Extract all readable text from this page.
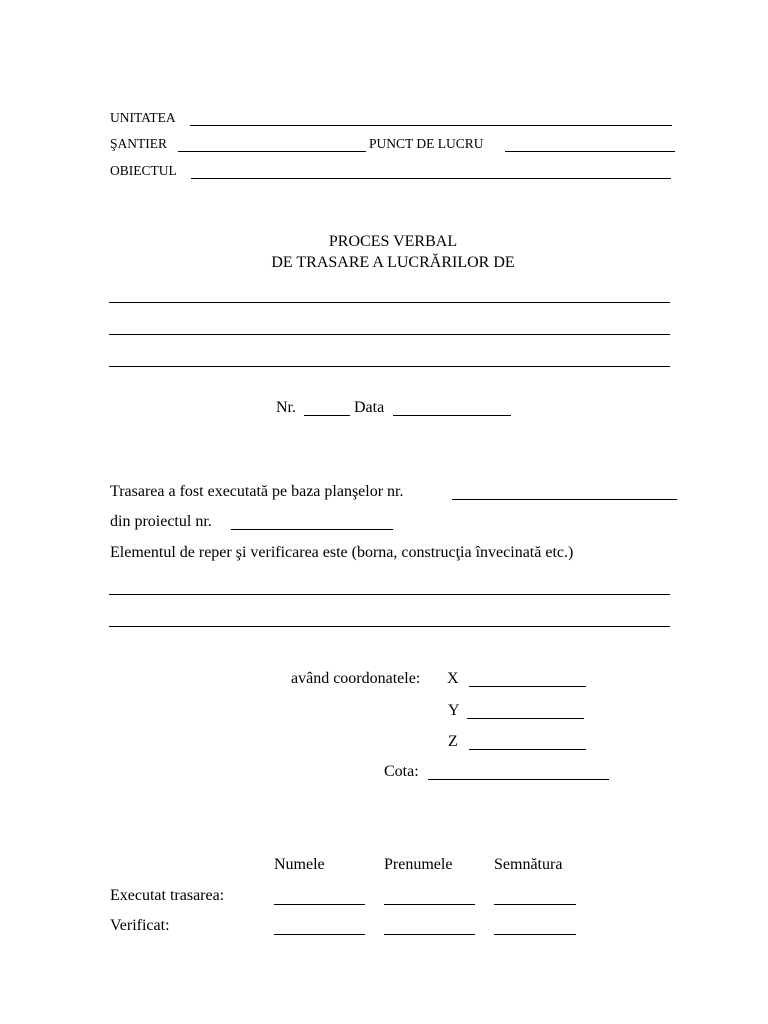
UNITATEA
ŞANTIER	PUNCT DE LUCRU
OBIECTUL
PROCES VERBAL
DE TRASARE A LUCRĂRILOR DE
Nr.	Data
Trasarea a fost executată pe baza planşelor nr.
din proiectul nr.
Elementul de reper şi verificarea este (borna, construcţia învecinată etc.)
având coordonatele: X
Y
Z
Cota:
Numele	Prenumele	Semnătura
Executat trasarea:
Verificat:
